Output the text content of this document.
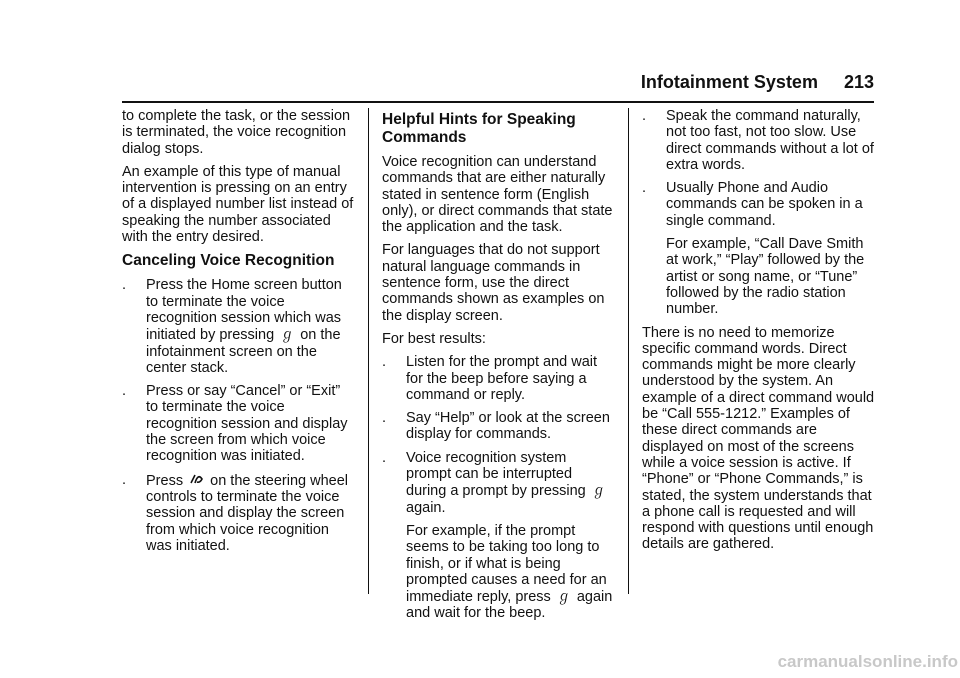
Infotainment System 213

to complete the task, or the session is terminated, the voice recognition dialog stops.

An example of this type of manual intervention is pressing on an entry of a displayed number list instead of speaking the number associated with the entry desired.

Canceling Voice Recognition
. Press the Home screen button to terminate the voice recognition session which was initiated by pressing ℊ on the infotainment screen on the center stack.
. Press or say “Cancel” or “Exit” to terminate the voice recognition session and display the screen from which voice recognition was initiated.
. Press on the steering wheel controls to terminate the voice session and display the screen from which voice recognition was initiated.
Helpful Hints for Speaking Commands

Voice recognition can understand commands that are either naturally stated in sentence form (English only), or direct commands that state the application and the task.

For languages that do not support natural language commands in sentence form, use the direct commands shown as examples on the display screen.

For best results:

. Listen for the prompt and wait for the beep before saying a command or reply.
. Say “Help” or look at the screen display for commands.
. Voice recognition system prompt can be interrupted during a prompt by pressing ℊ again.
For example, if the prompt seems to be taking too long to finish, or if what is being prompted causes a need for an immediate reply, press ℊ again and wait for the beep.
. Speak the command naturally, not too fast, not too slow. Use direct commands without a lot of extra words.
. Usually Phone and Audio commands can be spoken in a single command.
For example, “Call Dave Smith at work,” “Play” followed by the artist or song name, or “Tune” followed by the radio station number.

There is no need to memorize specific command words. Direct commands might be more clearly understood by the system. An example of a direct command would be “Call 555-1212.” Examples of these direct commands are displayed on most of the screens while a voice session is active. If “Phone” or “Phone Commands,” is stated, the system understands that a phone call is requested and will respond with questions until enough details are gathered.

carmanualsonline.info
